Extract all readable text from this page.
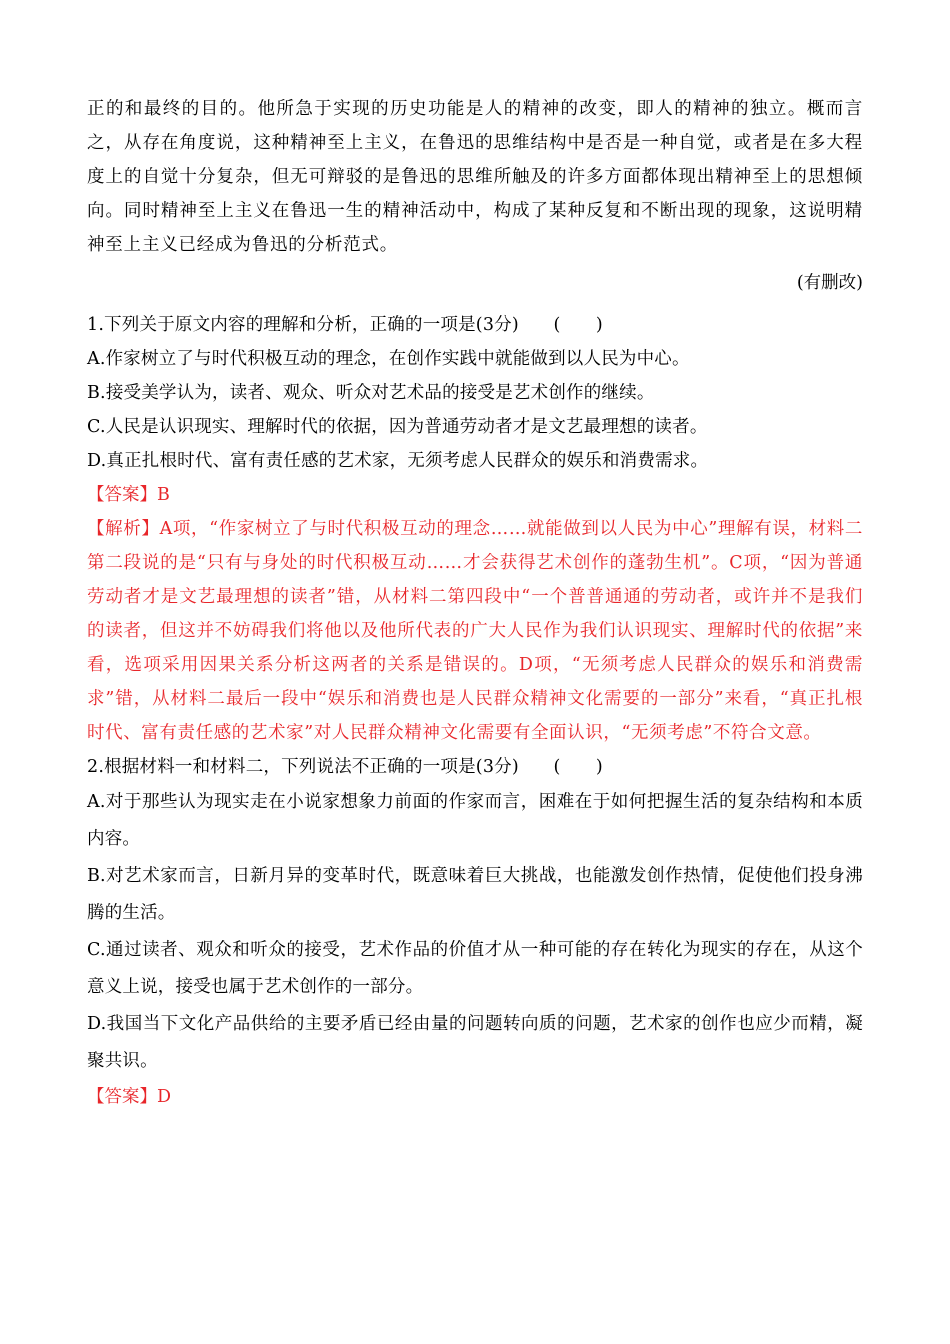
正的和最终的目的。他所急于实现的历史功能是人的精神的改变，即人的精神的独立。概而言之，从存在角度说，这种精神至上主义，在鲁迅的思维结构中是否是一种自觉，或者是在多大程度上的自觉十分复杂，但无可辩驳的是鲁迅的思维所触及的许多方面都体现出精神至上的思想倾向。同时精神至上主义在鲁迅一生的精神活动中，构成了某种反复和不断出现的现象，这说明精神至上主义已经成为鲁迅的分析范式。

(有删改)

1.下列关于原文内容的理解和分析，正确的一项是(3分) (　　)

A.作家树立了与时代积极互动的理念，在创作实践中就能做到以人民为中心。

B.接受美学认为，读者、观众、听众对艺术品的接受是艺术创作的继续。

C.人民是认识现实、理解时代的依据，因为普通劳动者才是文艺最理想的读者。

D.真正扎根时代、富有责任感的艺术家，无须考虑人民群众的娱乐和消费需求。

【答案】B

【解析】A项，“作家树立了与时代积极互动的理念……就能做到以人民为中心”理解有误，材料二第二段说的是“只有与身处的时代积极互动……才会获得艺术创作的蓬勃生机”。C项，“因为普通劳动者才是文艺最理想的读者”错，从材料二第四段中“一个普普通通的劳动者，或许并不是我们的读者，但这并不妨碍我们将他以及他所代表的广大人民作为我们认识现实、理解时代的依据”来看，选项采用因果关系分析这两者的关系是错误的。D项，“无须考虑人民群众的娱乐和消费需求”错，从材料二最后一段中“娱乐和消费也是人民群众精神文化需要的一部分”来看，“真正扎根时代、富有责任感的艺术家”对人民群众精神文化需要有全面认识，“无须考虑”不符合文意。

2.根据材料一和材料二，下列说法不正确的一项是(3分) (　　)

A.对于那些认为现实走在小说家想象力前面的作家而言，困难在于如何把握生活的复杂结构和本质内容。

B.对艺术家而言，日新月异的变革时代，既意味着巨大挑战，也能激发创作热情，促使他们投身沸腾的生活。

C.通过读者、观众和听众的接受，艺术作品的价值才从一种可能的存在转化为现实的存在，从这个意义上说，接受也属于艺术创作的一部分。

D.我国当下文化产品供给的主要矛盾已经由量的问题转向质的问题，艺术家的创作也应少而精，凝聚共识。

【答案】D
